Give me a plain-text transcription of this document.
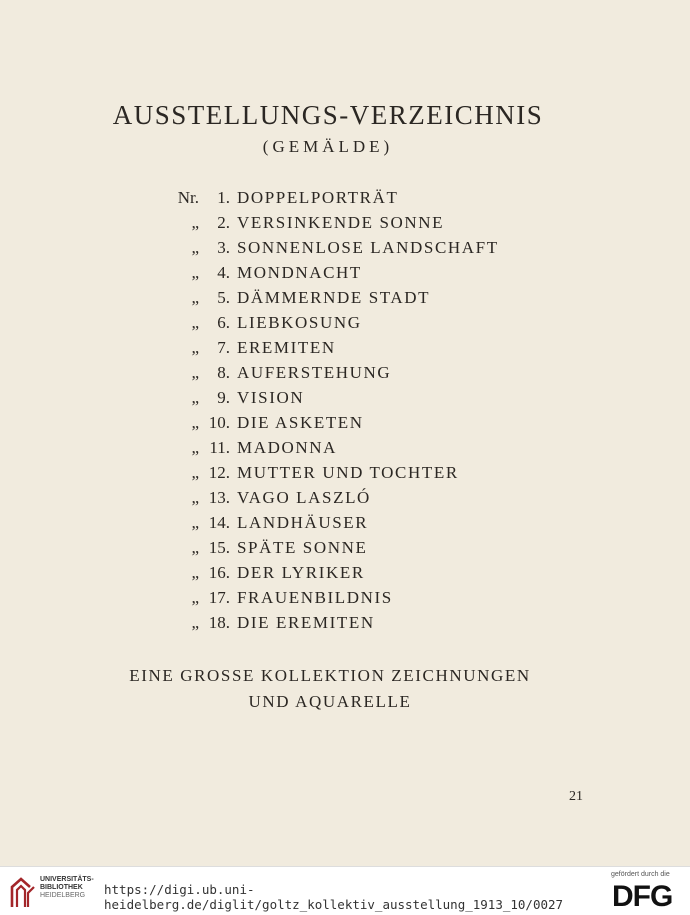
AUSSTELLUNGS-VERZEICHNIS
(GEMÄLDE)
Nr. 1. DOPPELPORTRÄT
„ 2. VERSINKENDE SONNE
„ 3. SONNENLOSE LANDSCHAFT
„ 4. MONDNACHT
„ 5. DÄMMERNDE STADT
„ 6. LIEBKOSUNG
„ 7. EREMITEN
„ 8. AUFERSTEHUNG
„ 9. VISION
„ 10. DIE ASKETEN
„ 11. MADONNA
„ 12. MUTTER UND TOCHTER
„ 13. VAGO LASZLÓ
„ 14. LANDHÄUSER
„ 15. SPÄTE SONNE
„ 16. DER LYRIKER
„ 17. FRAUENBILDNIS
„ 18. DIE EREMITEN
EINE GROSSE KOLLEKTION ZEICHNUNGEN
UND AQUARELLE
21
UNIVERSITÄTS-
BIBLIOTHEK
HEIDELBERG	https://digi.ub.uni-heidelberg.de/diglit/goltz_kollektiv_ausstellung_1913_10/0027
gefördert durch die
DFG
